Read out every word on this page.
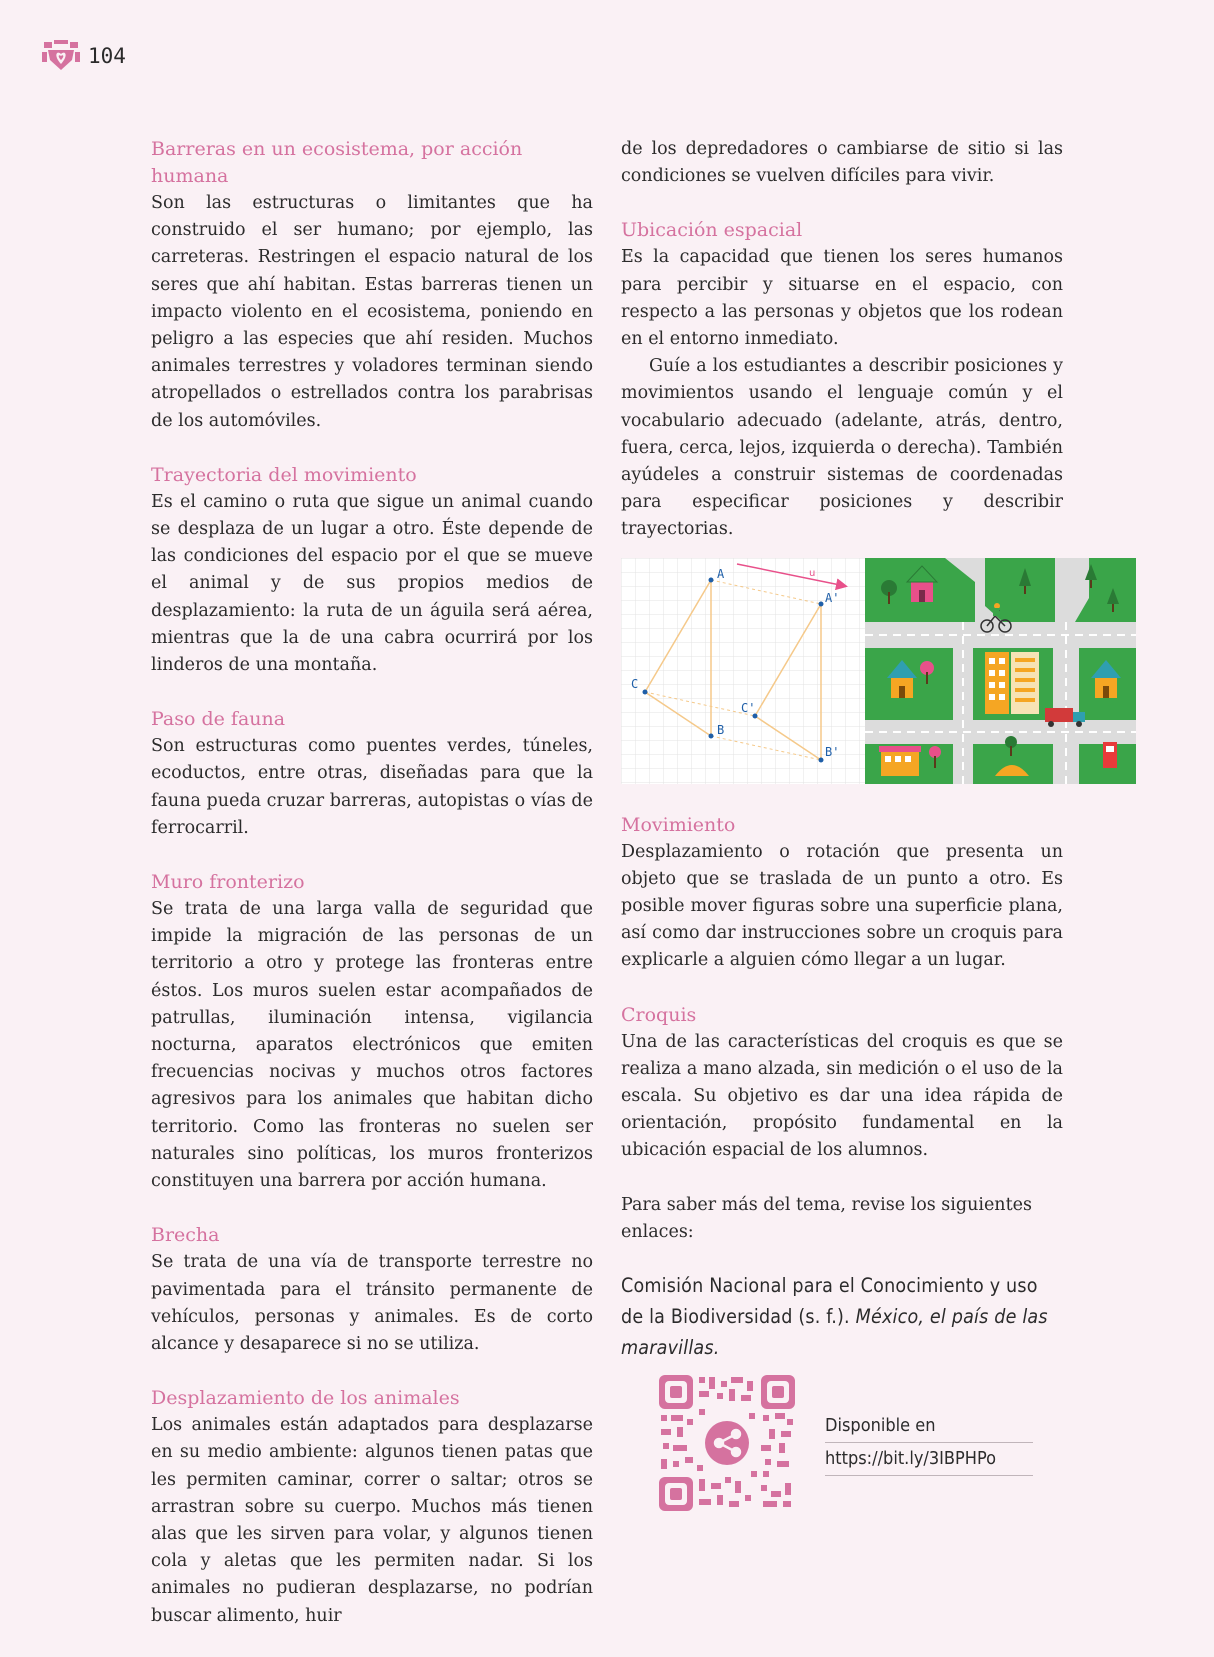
104
Barreras en un ecosistema, por acción humana

Son las estructuras o limitantes que ha construido el ser humano; por ejemplo, las carreteras. Restringen el espacio natural de los seres que ahí habitan. Estas barreras tienen un impacto violento en el ecosistema, poniendo en peligro a las especies que ahí residen. Muchos animales terrestres y voladores terminan siendo atropellados o estrellados contra los parabrisas de los automóviles.

Trayectoria del movimiento

Es el camino o ruta que sigue un animal cuando se desplaza de un lugar a otro. Éste depende de las condiciones del espacio por el que se mueve el animal y de sus propios medios de desplazamiento: la ruta de un águila será aérea, mientras que la de una cabra ocurrirá por los linderos de una montaña.

Paso de fauna

Son estructuras como puentes verdes, túneles, ecoductos, entre otras, diseñadas para que la fauna pueda cruzar barreras, autopistas o vías de ferrocarril.

Muro fronterizo

Se trata de una larga valla de seguridad que impide la migración de las personas de un territorio a otro y protege las fronteras entre éstos. Los muros suelen estar acompañados de patrullas, iluminación intensa, vigilancia nocturna, aparatos electrónicos que emiten frecuencias nocivas y muchos otros factores agresivos para los animales que habitan dicho territorio. Como las fronteras no suelen ser naturales sino políticas, los muros fronterizos constituyen una barrera por acción humana.

Brecha

Se trata de una vía de transporte terrestre no pavimentada para el tránsito permanente de vehículos, personas y animales. Es de corto alcance y desaparece si no se utiliza.

Desplazamiento de los animales

Los animales están adaptados para desplazarse en su medio ambiente: algunos tienen patas que les permiten caminar, correr o saltar; otros se arrastran sobre su cuerpo. Muchos más tienen alas que les sirven para volar, y algunos tienen cola y aletas que les permiten nadar. Si los animales no pudieran desplazarse, no podrían buscar alimento, huir

de los depredadores o cambiarse de sitio si las condiciones se vuelven difíciles para vivir.

Ubicación espacial

Es la capacidad que tienen los seres humanos para percibir y situarse en el espacio, con respecto a las personas y objetos que los rodean en el entorno inmediato.

Guíe a los estudiantes a describir posiciones y movimientos usando el lenguaje común y el vocabulario adecuado (adelante, atrás, dentro, fuera, cerca, lejos, izquierda o derecha). También ayúdeles a construir sistemas de coordenadas para especificar posiciones y describir trayectorias.

u
A
B
C
A'
B'
C'
Movimiento

Desplazamiento o rotación que presenta un objeto que se traslada de un punto a otro. Es posible mover figuras sobre una superficie plana, así como dar instrucciones sobre un croquis para explicarle a alguien cómo llegar a un lugar.

Croquis

Una de las características del croquis es que se realiza a mano alzada, sin medición o el uso de la escala. Su objetivo es dar una idea rápida de orientación, propósito fundamental en la ubicación espacial de los alumnos.

Para saber más del tema, revise los siguientes enlaces:

Comisión Nacional para el Conocimiento y uso de la Biodiversidad (s. f.). México, el país de las maravillas.
Disponible en
https://bit.ly/3IBPHPo
